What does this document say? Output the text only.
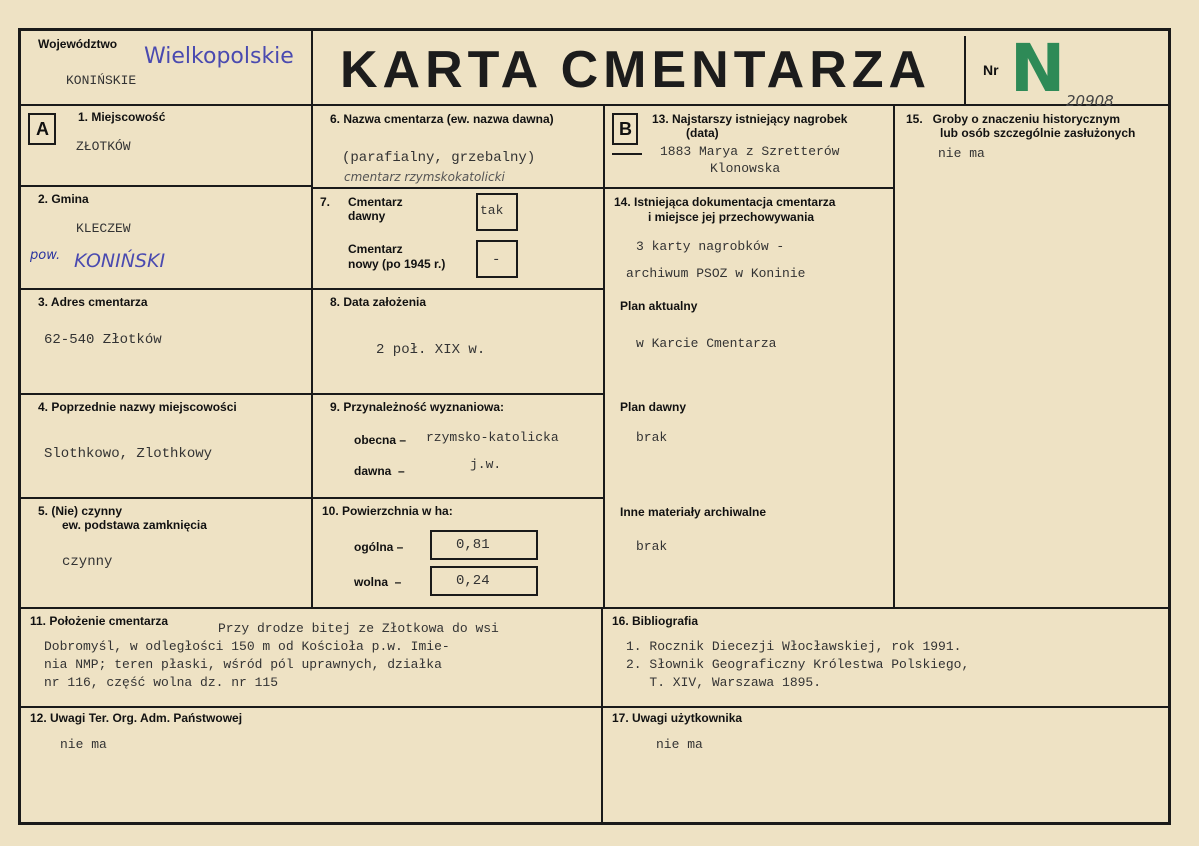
Województwo Wielkopolskie
KONIŃSKIE	KARTA CMENTARZA	Nr N 20908
A
1. Miejscowość
ZŁOTKÓW
2. Gmina
KLECZEW
pow. KONIŃSKI
3. Adres cmentarza
62-540 Złotków
4. Poprzednie nazwy miejscowości
Slothkowo, Zlothkowy
5. (Nie) czynny
ew. podstawa zamknięcia
czynny
6. Nazwa cmentarza (ew. nazwa dawna)
(parafialny, grzebalny)
cmentarz rzymskokatolicki
7. Cmentarz
dawny	tak
Cmentarz
nowy (po 1945 r.)	-
8. Data założenia
2 poł. XIX w.
9. Przynależność wyznaniowa:
obecna – rzymsko-katolicka
dawna  –	j.w.
10. Powierzchnia w ha:
ogólna –	0,81
wolna  –	0,24
B 13. Najstarszy istniejący nagrobek
(data)
1883 Marya z Szretterów
Klonowska
14. Istniejąca dokumentacja cmentarza
i miejsce jej przechowywania
3 karty nagrobków -
archiwum PSOZ w Koninie
Plan aktualny
w Karcie Cmentarza
Plan dawny
brak
Inne materiały archiwalne
brak
15.   Groby o znaczeniu historycznym
lub osób szczególnie zasłużonych
nie ma
11. Położenie cmentarza	Przy drodze bitej ze Złotkowa do wsi
Dobromyśl, w odległości 150 m od Kościoła p.w. Imie-
nia NMP; teren płaski, wśród pól uprawnych, działka
nr 116, część wolna dz. nr 115
12. Uwagi Ter. Org. Adm. Państwowej
nie ma
16. Bibliografia
1. Rocznik Diecezji Włocławskiej, rok 1991.
2. Słownik Geograficzny Królestwa Polskiego,
T. XIV, Warszawa 1895.
17. Uwagi użytkownika
nie ma
